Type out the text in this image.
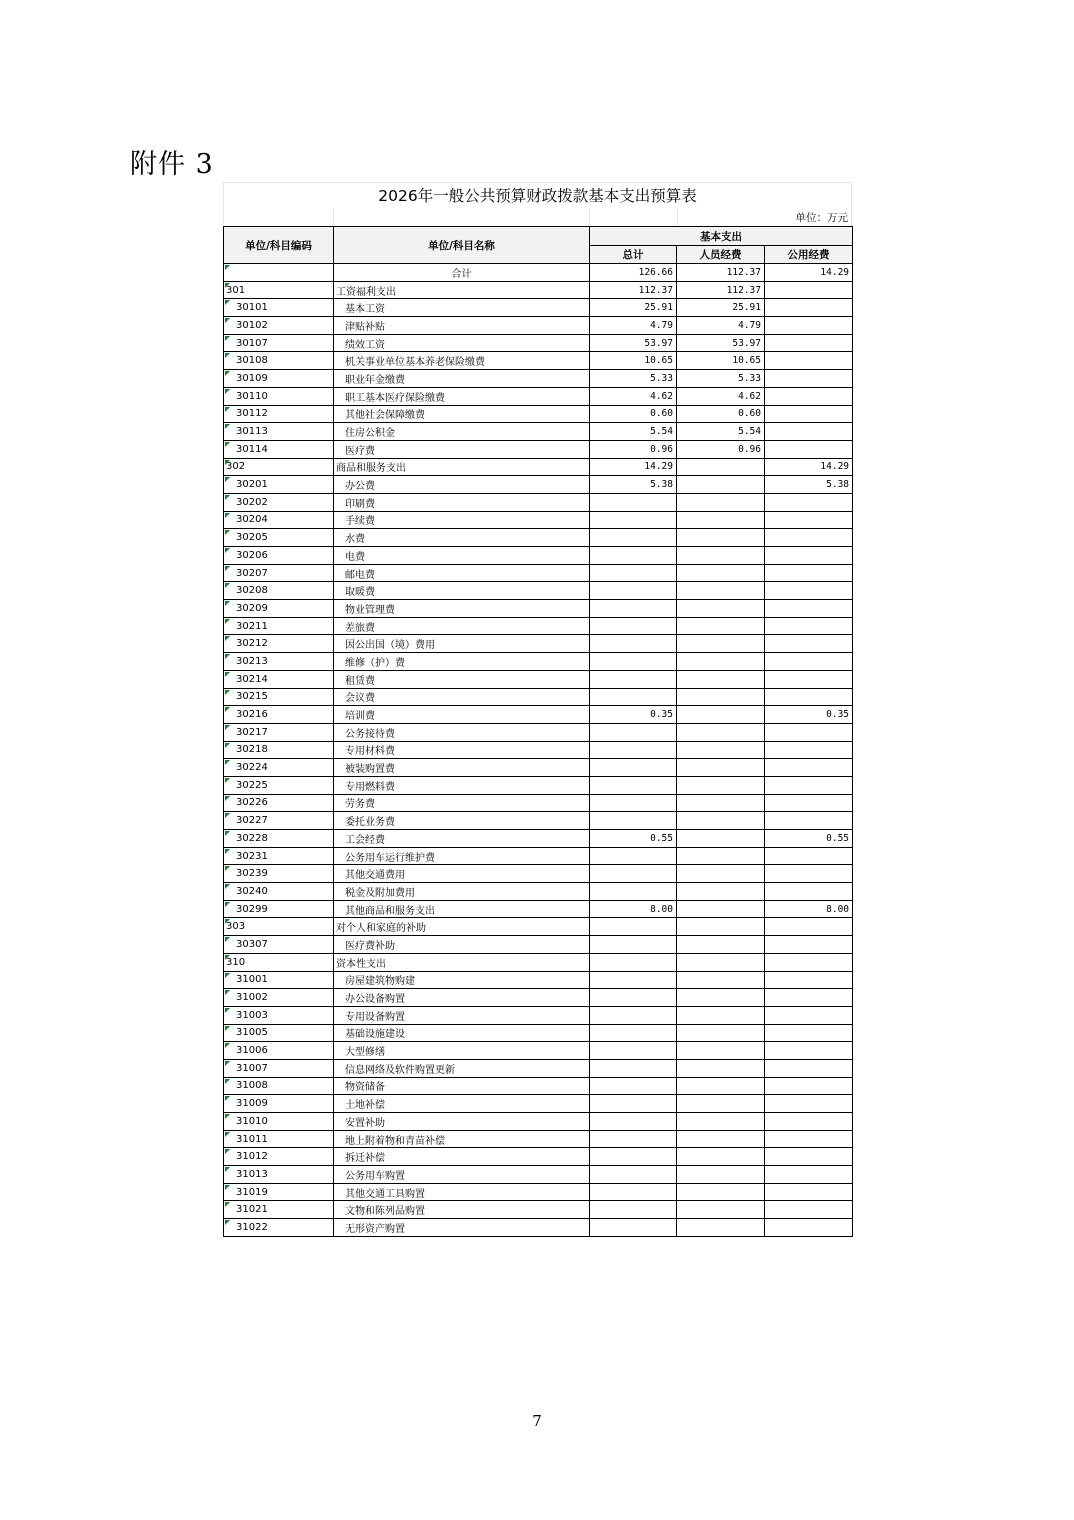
附件 3
2026年一般公共预算财政拨款基本支出预算表
单位：万元
单位/科目编码	单位/科目名称	基本支出		
		总计	人员经费	公用经费
	合计	126.66	112.37	14.29
301	工资福利支出	112.37	112.37	
30101	基本工资	25.91	25.91	
30102	津贴补贴	4.79	4.79	
30107	绩效工资	53.97	53.97	
30108	机关事业单位基本养老保险缴费	10.65	10.65	
30109	职业年金缴费	5.33	5.33	
30110	职工基本医疗保险缴费	4.62	4.62	
30112	其他社会保障缴费	0.60	0.60	
30113	住房公积金	5.54	5.54	
30114	医疗费	0.96	0.96	
302	商品和服务支出	14.29		14.29
30201	办公费	5.38		5.38
30202	印刷费			
30204	手续费			
30205	水费			
30206	电费			
30207	邮电费			
30208	取暖费			
30209	物业管理费			
30211	差旅费			
30212	因公出国（境）费用			
30213	维修（护）费			
30214	租赁费			
30215	会议费			
30216	培训费	0.35		0.35
30217	公务接待费			
30218	专用材料费			
30224	被装购置费			
30225	专用燃料费			
30226	劳务费			
30227	委托业务费			
30228	工会经费	0.55		0.55
30231	公务用车运行维护费			
30239	其他交通费用			
30240	税金及附加费用			
30299	其他商品和服务支出	8.00		8.00
303	对个人和家庭的补助			
30307	医疗费补助			
310	资本性支出			
31001	房屋建筑物购建			
31002	办公设备购置			
31003	专用设备购置			
31005	基础设施建设			
31006	大型修缮			
31007	信息网络及软件购置更新			
31008	物资储备			
31009	土地补偿			
31010	安置补助			
31011	地上附着物和青苗补偿			
31012	拆迁补偿			
31013	公务用车购置			
31019	其他交通工具购置			
31021	文物和陈列品购置			
31022	无形资产购置			
7
